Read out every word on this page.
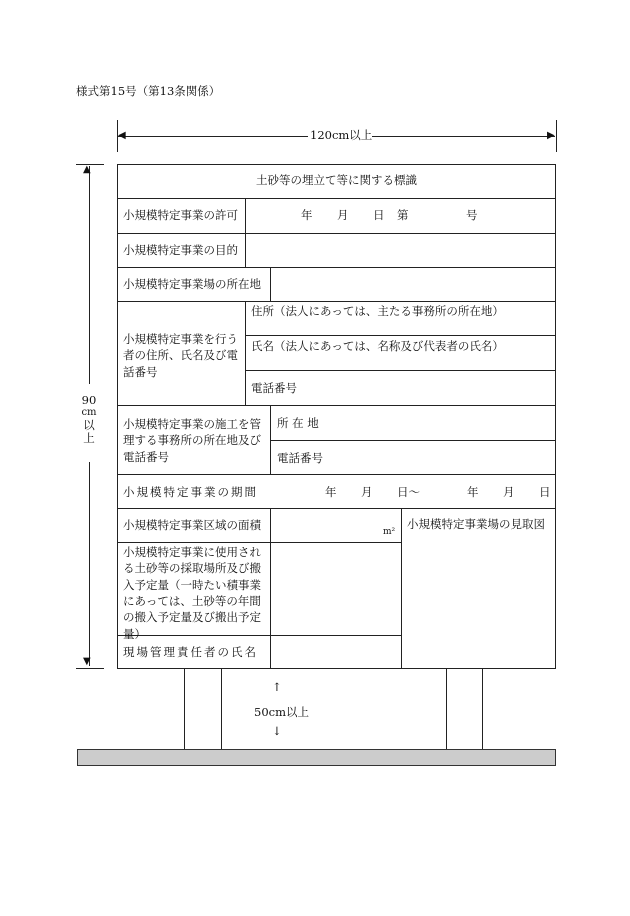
様式第15号（第13条関係）
◀	▶
120cm以上
▲
▼
90
cm
以
上
土砂等の埋立て等に関する標識
小規模特定事業の許可	年 月 日 第	号
小規模特定事業の目的
小規模特定事業場の所在地
小規模特定事業を行う者の住所、氏名及び電話番号
住所（法人にあっては、主たる事務所の所在地）
氏名（法人にあっては、名称及び代表者の氏名）
電話番号
小規模特定事業の施工を管理する事務所の所在地及び電話番号
所 在 地
電話番号
小規模特定事業の期間	年 月 日〜	年 月 日
小規模特定事業区域の面積	m²
小規模特定事業に使用される土砂等の採取場所及び搬入予定量（一時たい積事業にあっては、土砂等の年間の搬入予定量及び搬出予定量）
現場管理責任者の氏名
小規模特定事業場の見取図
↑
50cm以上
↓
